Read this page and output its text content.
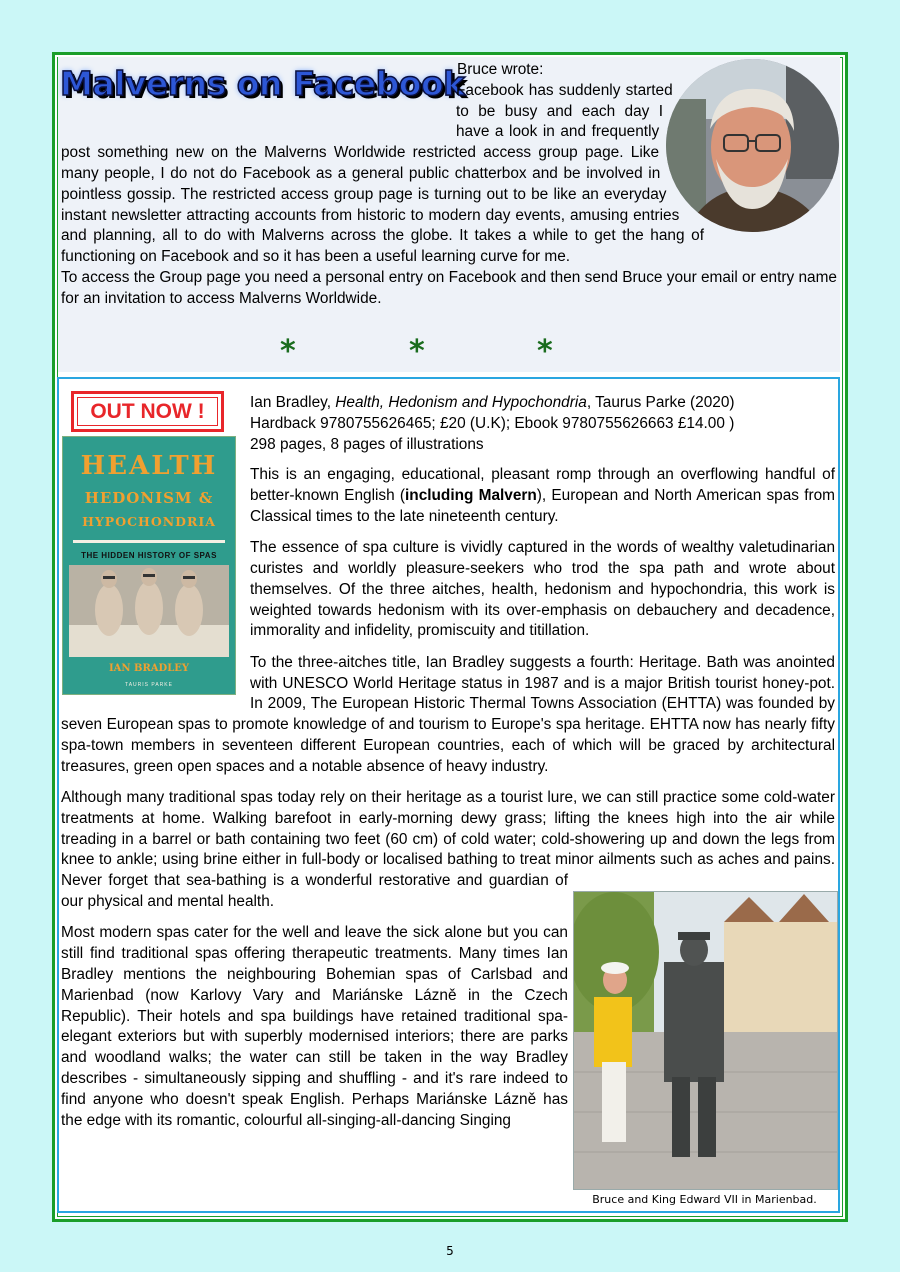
Malverns on Facebook

Bruce wrote:

Facebook has suddenly started to be busy and each day I have a look in and frequently post something new on the Malverns Worldwide restricted access group page. Like many people, I do not do Facebook as a general public chatterbox and be involved in pointless gossip. The restricted access group page is turning out to be like an everyday instant newsletter attracting accounts from historic to modern day events, amusing entries and planning, all to do with Malverns across the globe. It takes a while to get the hang of functioning on Facebook and so it has been a useful learning curve for me.

To access the Group page you need a personal entry on Facebook and then send Bruce your email or entry name for an invitation to access Malverns Worldwide.

*	*	*
OUT NOW !
HEALTH
HEDONISM &
HYPOCHONDRIA
THE HIDDEN HISTORY OF SPAS
IAN BRADLEY
TAURIS PARKE

Ian Bradley, Health, Hedonism and Hypochondria, Taurus Parke (2020)
Hardback 9780755626465; £20 (U.K); Ebook 9780755626663 £14.00 )
298 pages, 8 pages of illustrations

This is an engaging, educational, pleasant romp through an overflowing handful of better-known English (including Malvern), European and North American spas from Classical times to the late nineteenth century.

The essence of spa culture is vividly captured in the words of wealthy valetudinarian curistes and worldly pleasure-seekers who trod the spa path and wrote about themselves. Of the three aitches, health, hedonism and hypochondria, this work is weighted towards hedonism with its over-emphasis on debauchery and decadence, immorality and infidelity, promiscuity and titillation.

To the three-aitches title, Ian Bradley suggests a fourth: Heritage. Bath was anointed with UNESCO World Heritage status in 1987 and is a major British tourist honey-pot. In 2009, The European Historic Thermal Towns Association (EHTTA) was founded by seven European spas to promote knowledge of and tourism to Europe's spa heritage. EHTTA now has nearly fifty spa-town members in seventeen different European countries, each of which will be graced by architectural treasures, green open spaces and a notable absence of heavy industry.

Although many traditional spas today rely on their heritage as a tourist lure, we can still practice some cold-water treatments at home. Walking barefoot in early-morning dewy grass; lifting the knees high into the air while treading in a barrel or bath containing two feet (60 cm) of cold water; cold-showering up and down the legs from knee to ankle; using brine either in full-body or localised bathing to treat minor ailments such as aches and pains. Never forget that sea-bathing is a wonderful restorative and guardian of our physical and mental health.

Most modern spas cater for the well and leave the sick alone but you can still find traditional spas offering therapeutic treatments. Many times Ian Bradley mentions the neighbouring Bohemian spas of Carlsbad and Marienbad (now Karlovy Vary and Mariánske Lázně in the Czech Republic). Their hotels and spa buildings have retained traditional spa-elegant exteriors but with superbly modernised interiors; there are parks and woodland walks; the water can still be taken in the way Bradley describes - simultaneously sipping and shuffling - and it's rare indeed to find anyone who doesn't speak English. Perhaps Mariánske Lázně has the edge with its romantic, colourful all-singing-all-dancing Singing

Bruce and King Edward VII in Marienbad.
5
